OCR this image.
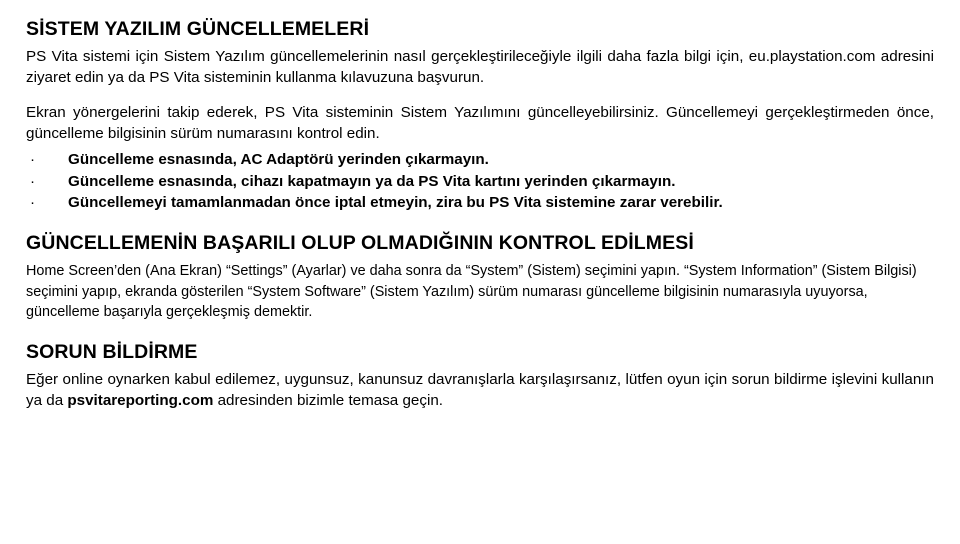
SİSTEM YAZILIM GÜNCELLEMELERİ

PS Vita sistemi için Sistem Yazılım güncellemelerinin nasıl gerçekleştirileceğiyle ilgili daha fazla bilgi için, eu.playstation.com adresini ziyaret edin ya da PS Vita sisteminin kullanma kılavuzuna başvurun.

Ekran yönergelerini takip ederek, PS Vita sisteminin Sistem Yazılımını güncelleyebilirsiniz. Güncellemeyi gerçekleştirmeden önce, güncelleme bilgisinin sürüm numarasını kontrol edin.

·	Güncelleme esnasında, AC Adaptörü yerinden çıkarmayın.
·	Güncelleme esnasında, cihazı kapatmayın ya da PS Vita kartını yerinden çıkarmayın.
·	Güncellemeyi tamamlanmadan önce iptal etmeyin, zira bu PS Vita sistemine zarar verebilir.
GÜNCELLEMENİN BAŞARILI OLUP OLMADIĞININ KONTROL EDİLMESİ

Home Screen’den (Ana Ekran) “Settings” (Ayarlar) ve daha sonra da “System” (Sistem) seçimini yapın. “System Information” (Sistem Bilgisi) seçimini yapıp, ekranda gösterilen “System Software” (Sistem Yazılım) sürüm numarası güncelleme bilgisinin numarasıyla uyuyorsa, güncelleme başarıyla gerçekleşmiş demektir.

SORUN BİLDİRME

Eğer online oynarken kabul edilemez, uygunsuz, kanunsuz davranışlarla karşılaşırsanız, lütfen oyun için sorun bildirme işlevini kullanın ya da psvitareporting.com adresinden bizimle temasa geçin.
